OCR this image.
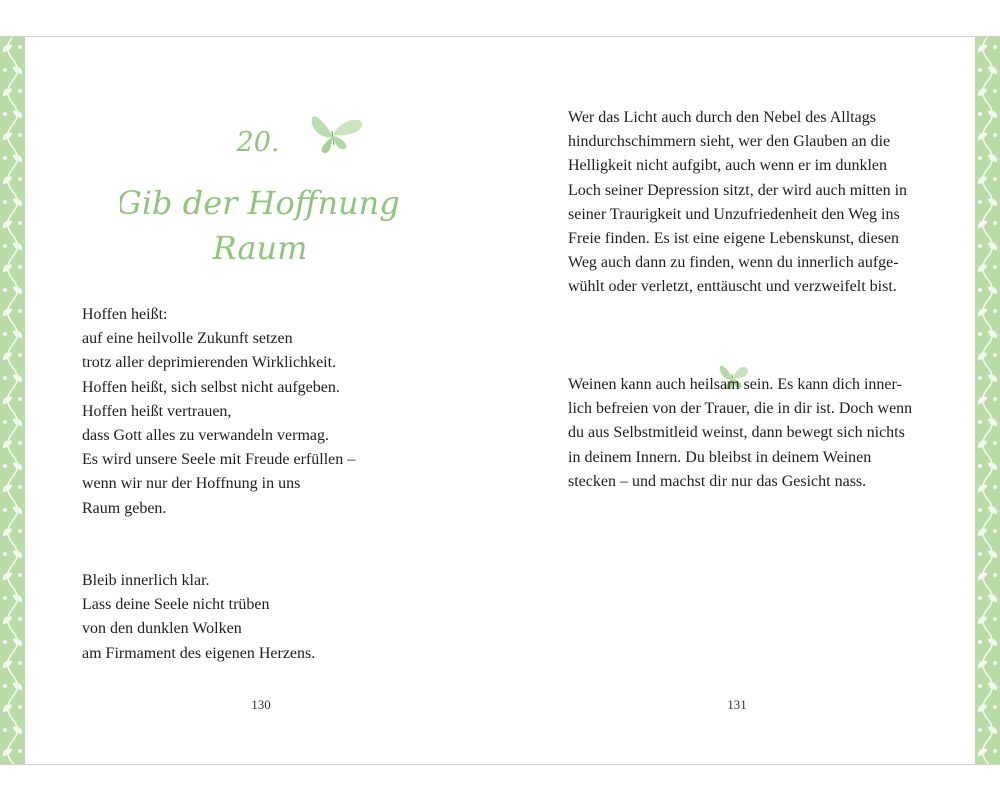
20.
Gib der Hoffnung
Raum
Hoffen heißt:
auf eine heilvolle Zukunft setzen
trotz aller deprimierenden Wirklichkeit.
Hoffen heißt, sich selbst nicht aufgeben.
Hoffen heißt vertrauen,
dass Gott alles zu verwandeln vermag.
Es wird unsere Seele mit Freude erfüllen –
wenn wir nur der Hoffnung in uns
Raum geben.
Bleib innerlich klar.
Lass deine Seele nicht trüben
von den dunklen Wolken
am Firmament des eigenen Herzens.
130
Wer das Licht auch durch den Nebel des Alltags
hindurchschimmern sieht, wer den Glauben an die
Helligkeit nicht aufgibt, auch wenn er im dunklen
Loch seiner Depression sitzt, der wird auch mitten in
seiner Traurigkeit und Unzufriedenheit den Weg ins
Freie finden. Es ist eine eigene Lebenskunst, diesen
Weg auch dann zu finden, wenn du innerlich aufge-
wühlt oder verletzt, enttäuscht und verzweifelt bist.
Weinen kann auch heilsam sein. Es kann dich inner-
lich befreien von der Trauer, die in dir ist. Doch wenn
du aus Selbstmitleid weinst, dann bewegt sich nichts
in deinem Innern. Du bleibst in deinem Weinen
stecken – und machst dir nur das Gesicht nass.
131
